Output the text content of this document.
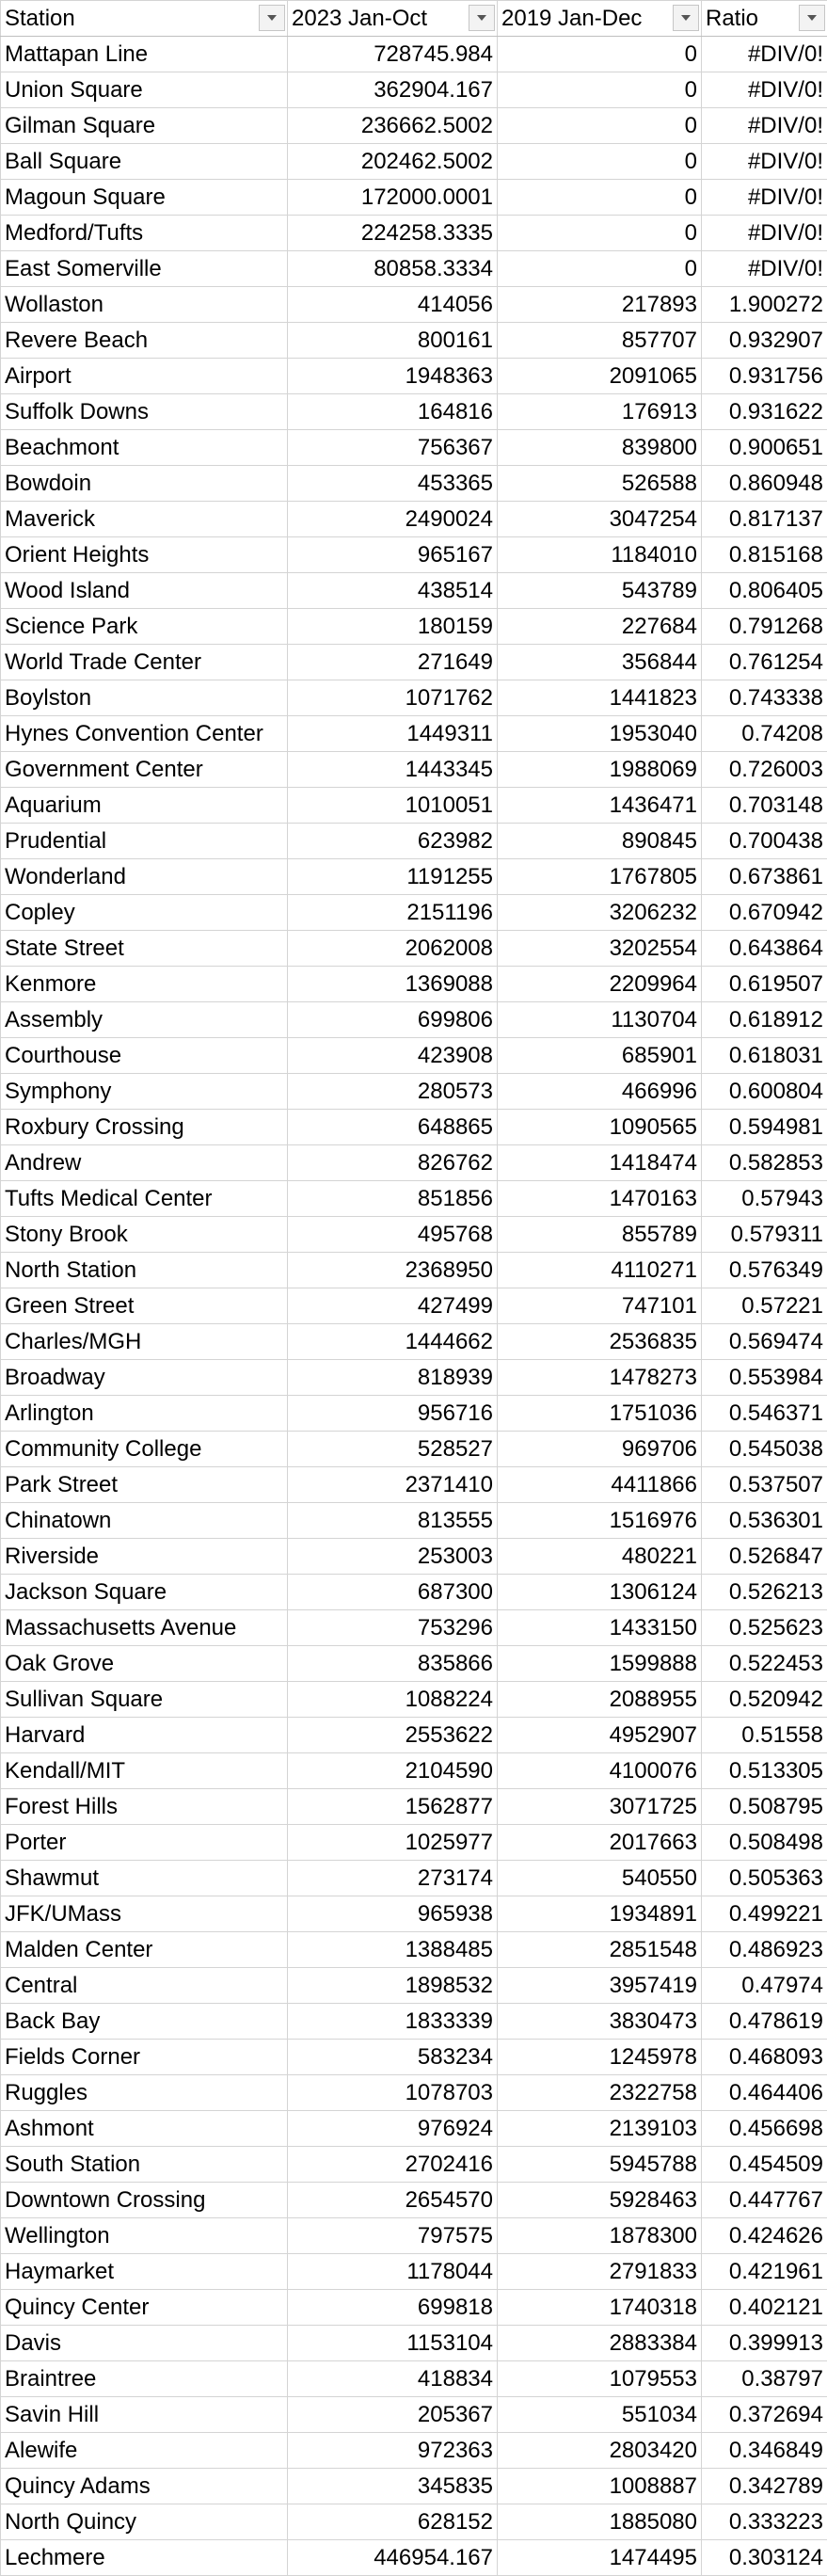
Station	2023 Jan-Oct	2019 Jan-Dec	Ratio

Mattapan Line	728745.984	0	#DIV/0!
Union Square	362904.167	0	#DIV/0!
Gilman Square	236662.5002	0	#DIV/0!
Ball Square	202462.5002	0	#DIV/0!
Magoun Square	172000.0001	0	#DIV/0!
Medford/Tufts	224258.3335	0	#DIV/0!
East Somerville	80858.3334	0	#DIV/0!
Wollaston	414056	217893	1.900272
Revere Beach	800161	857707	0.932907
Airport	1948363	2091065	0.931756
Suffolk Downs	164816	176913	0.931622
Beachmont	756367	839800	0.900651
Bowdoin	453365	526588	0.860948
Maverick	2490024	3047254	0.817137
Orient Heights	965167	1184010	0.815168
Wood Island	438514	543789	0.806405
Science Park	180159	227684	0.791268
World Trade Center	271649	356844	0.761254
Boylston	1071762	1441823	0.743338
Hynes Convention Center	1449311	1953040	0.74208
Government Center	1443345	1988069	0.726003
Aquarium	1010051	1436471	0.703148
Prudential	623982	890845	0.700438
Wonderland	1191255	1767805	0.673861
Copley	2151196	3206232	0.670942
State Street	2062008	3202554	0.643864
Kenmore	1369088	2209964	0.619507
Assembly	699806	1130704	0.618912
Courthouse	423908	685901	0.618031
Symphony	280573	466996	0.600804
Roxbury Crossing	648865	1090565	0.594981
Andrew	826762	1418474	0.582853
Tufts Medical Center	851856	1470163	0.57943
Stony Brook	495768	855789	0.579311
North Station	2368950	4110271	0.576349
Green Street	427499	747101	0.57221
Charles/MGH	1444662	2536835	0.569474
Broadway	818939	1478273	0.553984
Arlington	956716	1751036	0.546371
Community College	528527	969706	0.545038
Park Street	2371410	4411866	0.537507
Chinatown	813555	1516976	0.536301
Riverside	253003	480221	0.526847
Jackson Square	687300	1306124	0.526213
Massachusetts Avenue	753296	1433150	0.525623
Oak Grove	835866	1599888	0.522453
Sullivan Square	1088224	2088955	0.520942
Harvard	2553622	4952907	0.51558
Kendall/MIT	2104590	4100076	0.513305
Forest Hills	1562877	3071725	0.508795
Porter	1025977	2017663	0.508498
Shawmut	273174	540550	0.505363
JFK/UMass	965938	1934891	0.499221
Malden Center	1388485	2851548	0.486923
Central	1898532	3957419	0.47974
Back Bay	1833339	3830473	0.478619
Fields Corner	583234	1245978	0.468093
Ruggles	1078703	2322758	0.464406
Ashmont	976924	2139103	0.456698
South Station	2702416	5945788	0.454509
Downtown Crossing	2654570	5928463	0.447767
Wellington	797575	1878300	0.424626
Haymarket	1178044	2791833	0.421961
Quincy Center	699818	1740318	0.402121
Davis	1153104	2883384	0.399913
Braintree	418834	1079553	0.38797
Savin Hill	205367	551034	0.372694
Alewife	972363	2803420	0.346849
Quincy Adams	345835	1008887	0.342789
North Quincy	628152	1885080	0.333223
Lechmere	446954.167	1474495	0.303124
